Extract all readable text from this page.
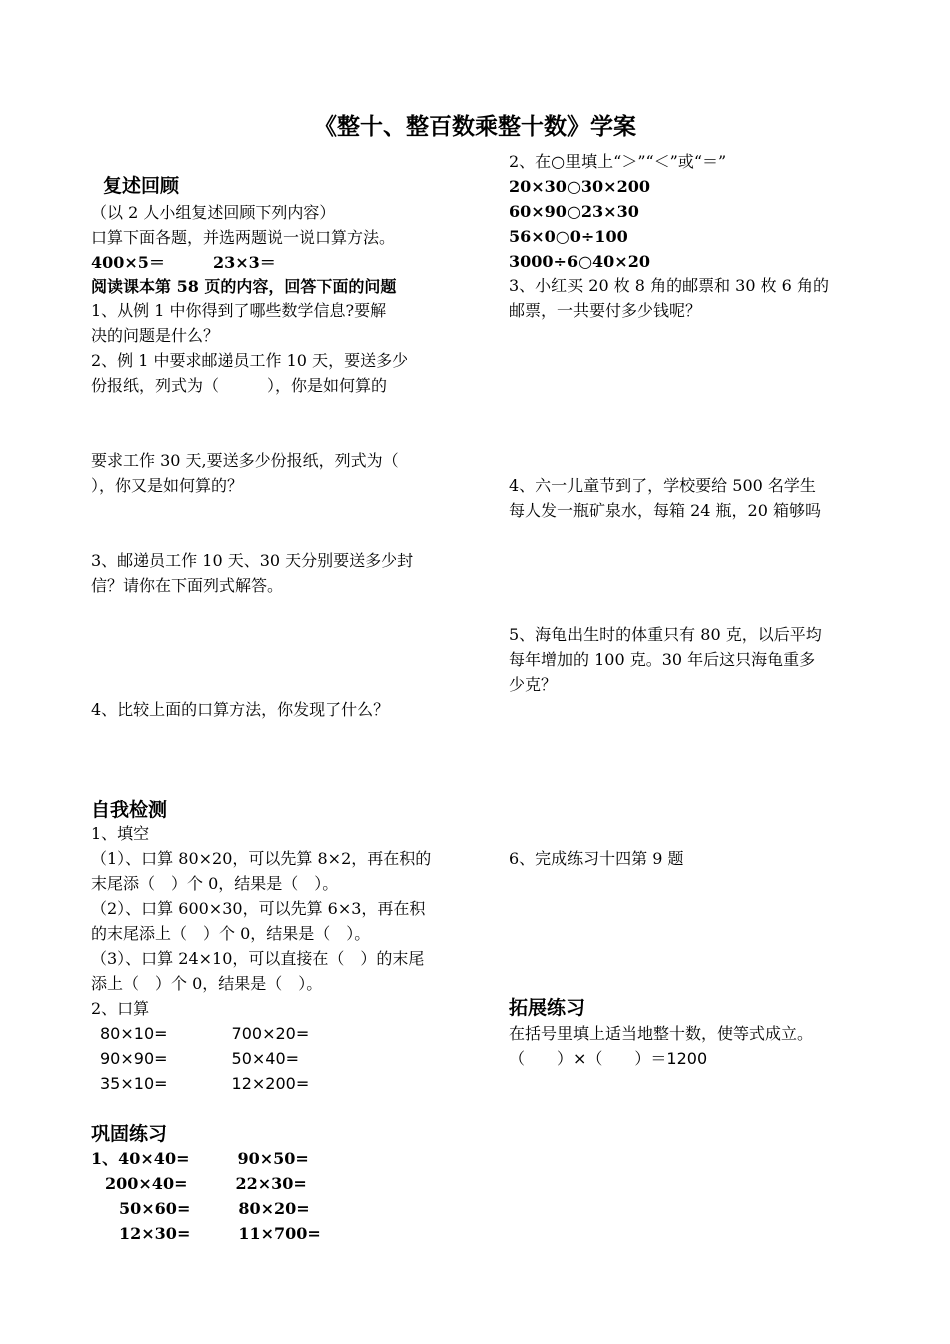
《整十、整百数乘整十数》学案
复述回顾
（以 2 人小组复述回顾下列内容）
口算下面各题，并选两题说一说口算方法。
400×5＝　　　23×3＝
阅读课本第 58 页的内容，回答下面的问题
1、从例 1 中你得到了哪些数学信息?要解
决的问题是什么？
2、例 1 中要求邮递员工作 10 天，要送多少
份报纸，列式为（　　　），你是如何算的
要求工作 30 天,要送多少份报纸，列式为（
），你又是如何算的？
3、邮递员工作 10 天、30 天分别要送多少封
信？请你在下面列式解答。
4、比较上面的口算方法，你发现了什么？
自我检测
1、填空
（1）、口算 80×20，可以先算 8×2，再在积的
末尾添（　）个 0，结果是（　）。
（2）、口算 600×30，可以先算 6×3，再在积
的末尾添上（　）个 0，结果是（　）。
（3）、口算 24×10，可以直接在（　）的末尾
添上（　）个 0，结果是（　）。
2、口算
80×10=　　　　700×20=
90×90=　　　　50×40=
35×10=　　　　12×200=
巩固练习
1、40×40=　　　90×50=
200×40=　　　22×30=
50×60=　　　80×20=
12×30=　　　11×700=
2、在○里填上“＞”“＜”或“＝”
20×30○30×200
60×90○23×30
56×0○0÷100
3000÷6○40×20
3、小红买 20 枚 8 角的邮票和 30 枚 6 角的
邮票，一共要付多少钱呢？
4、六一儿童节到了，学校要给 500 名学生
每人发一瓶矿泉水，每箱 24 瓶，20 箱够吗
5、海龟出生时的体重只有 80 克，以后平均
每年增加的 100 克。30 年后这只海龟重多
少克？
6、完成练习十四第 9 题
拓展练习
在括号里填上适当地整十数，使等式成立。
（　　）×（　　）＝1200
